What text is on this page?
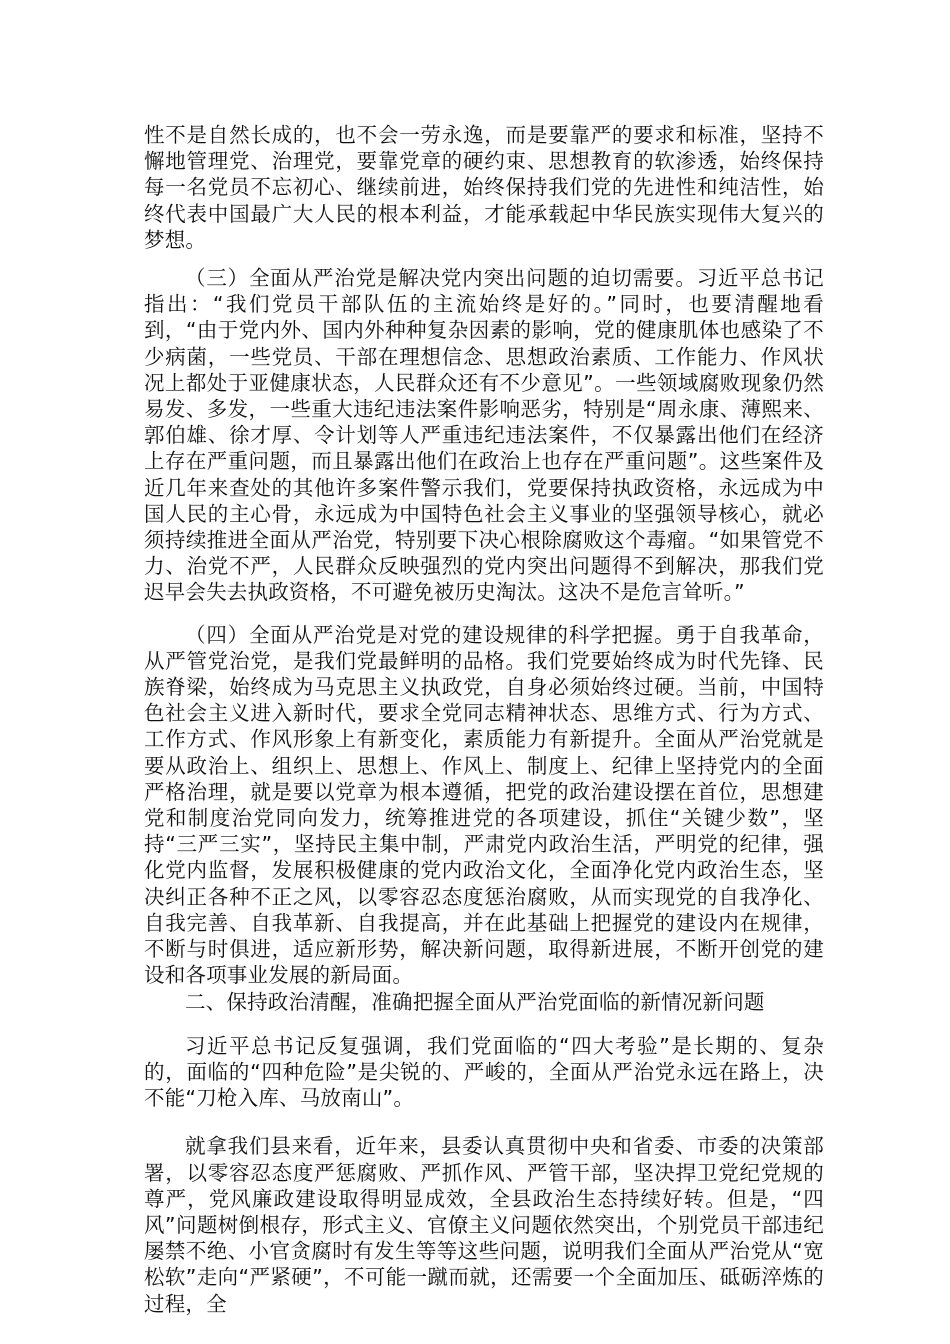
性不是自然长成的，也不会一劳永逸，而是要靠严的要求和标准，坚持不懈地管理党、治理党，要靠党章的硬约束、思想教育的软渗透，始终保持每一名党员不忘初心、继续前进，始终保持我们党的先进性和纯洁性，始终代表中国最广大人民的根本利益，才能承载起中华民族实现伟大复兴的梦想。

（三）全面从严治党是解决党内突出问题的迫切需要。习近平总书记指出：“我们党员干部队伍的主流始终是好的。”同时，也要清醒地看到，“由于党内外、国内外种种复杂因素的影响，党的健康肌体也感染了不少病菌，一些党员、干部在理想信念、思想政治素质、工作能力、作风状况上都处于亚健康状态，人民群众还有不少意见”。一些领域腐败现象仍然易发、多发，一些重大违纪违法案件影响恶劣，特别是“周永康、薄熙来、郭伯雄、徐才厚、令计划等人严重违纪违法案件，不仅暴露出他们在经济上存在严重问题，而且暴露出他们在政治上也存在严重问题”。这些案件及近几年来查处的其他许多案件警示我们，党要保持执政资格，永远成为中国人民的主心骨，永远成为中国特色社会主义事业的坚强领导核心，就必须持续推进全面从严治党，特别要下决心根除腐败这个毒瘤。“如果管党不力、治党不严，人民群众反映强烈的党内突出问题得不到解决，那我们党迟早会失去执政资格，不可避免被历史淘汰。这决不是危言耸听。”

（四）全面从严治党是对党的建设规律的科学把握。勇于自我革命，从严管党治党，是我们党最鲜明的品格。我们党要始终成为时代先锋、民族脊梁，始终成为马克思主义执政党，自身必须始终过硬。当前，中国特色社会主义进入新时代，要求全党同志精神状态、思维方式、行为方式、工作方式、作风形象上有新变化，素质能力有新提升。全面从严治党就是要从政治上、组织上、思想上、作风上、制度上、纪律上坚持党内的全面严格治理，就是要以党章为根本遵循，把党的政治建设摆在首位，思想建党和制度治党同向发力，统筹推进党的各项建设，抓住“关键少数”，坚持“三严三实”，坚持民主集中制，严肃党内政治生活，严明党的纪律，强化党内监督，发展积极健康的党内政治文化，全面净化党内政治生态，坚决纠正各种不正之风，以零容忍态度惩治腐败，从而实现党的自我净化、自我完善、自我革新、自我提高，并在此基础上把握党的建设内在规律，不断与时俱进，适应新形势，解决新问题，取得新进展，不断开创党的建设和各项事业发展的新局面。

二、保持政治清醒，准确把握全面从严治党面临的新情况新问题

习近平总书记反复强调，我们党面临的“四大考验”是长期的、复杂的，面临的“四种危险”是尖锐的、严峻的，全面从严治党永远在路上，决不能“刀枪入库、马放南山”。

就拿我们县来看，近年来，县委认真贯彻中央和省委、市委的决策部署，以零容忍态度严惩腐败、严抓作风、严管干部，坚决捍卫党纪党规的尊严，党风廉政建设取得明显成效，全县政治生态持续好转。但是，“四风”问题树倒根存，形式主义、官僚主义问题依然突出，个别党员干部违纪屡禁不绝、小官贪腐时有发生等等这些问题，说明我们全面从严治党从“宽松软”走向“严紧硬”，不可能一蹴而就，还需要一个全面加压、砥砺淬炼的过程，全
